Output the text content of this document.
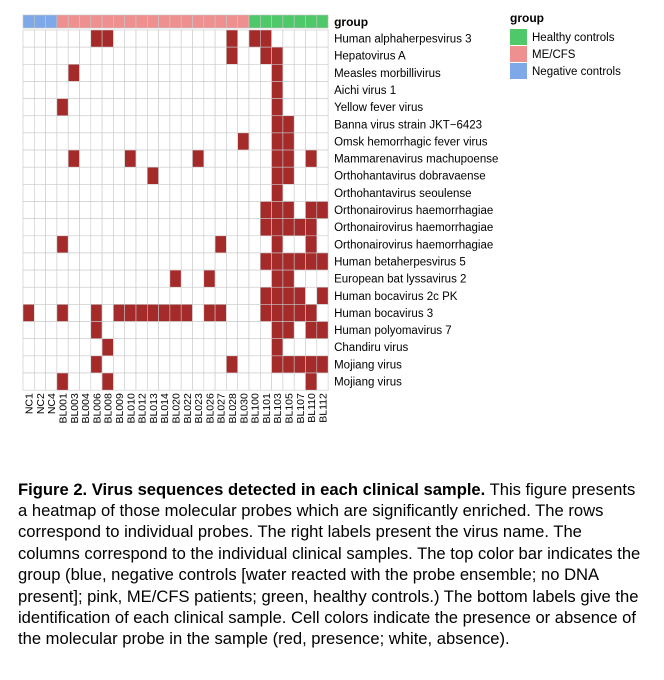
group
Human alphaherpesvirus 3
Hepatovirus A
Measles morbillivirus
Aichi virus 1
Yellow fever virus
Banna virus strain JKT−6423
Omsk hemorrhagic fever virus
Mammarenavirus machupoense
Orthohantavirus dobravaense
Orthohantavirus seoulense
Orthonairovirus haemorrhagiae
Orthonairovirus haemorrhagiae
Orthonairovirus haemorrhagiae
Human betaherpesvirus 5
European bat lyssavirus 2
Human bocavirus 2c PK
Human bocavirus 3
Human polyomavirus 7
Chandiru virus
Mojiang virus
Mojiang virus
NC1 NC2 NC4 BL001 BL003 BL004 BL006 BL008 BL009 BL010 BL012 BL013 BL014 BL020 BL022 BL023 BL026 BL027 BL028 BL030 BL100 BL101 BL103 BL105 BL107 BL110 BL112
group
Healthy controls
ME/CFS
Negative controls

Figure 2. Virus sequences detected in each clinical sample. This figure presents a heatmap of those molecular probes which are significantly enriched. The rows correspond to individual probes. The right labels present the virus name. The columns correspond to the individual clinical samples. The top color bar indicates the group (blue, negative controls [water reacted with the probe ensemble; no DNA present]; pink, ME/CFS patients; green, healthy controls.) The bottom labels give the identification of each clinical sample. Cell colors indicate the presence or absence of the molecular probe in the sample (red, presence; white, absence).
